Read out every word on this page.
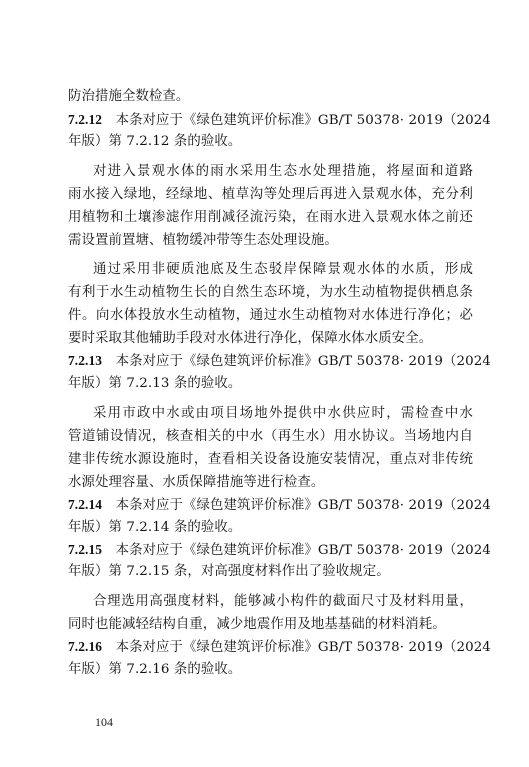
防治措施全数检查。
7.2.12  本条对应于《绿色建筑评价标准》GB/T 50378· 2019（2024
年版）第 7.2.12 条的验收。
对进入景观水体的雨水采用生态水处理措施，将屋面和道路
雨水接入绿地，经绿地、植草沟等处理后再进入景观水体，充分利
用植物和土壤渗滤作用削减径流污染，在雨水进入景观水体之前还
需设置前置塘、植物缓冲带等生态处理设施。
通过采用非硬质池底及生态驳岸保障景观水体的水质，形成
有利于水生动植物生长的自然生态环境，为水生动植物提供栖息条
件。向水体投放水生动植物，通过水生动植物对水体进行净化；必
要时采取其他辅助手段对水体进行净化，保障水体水质安全。
7.2.13  本条对应于《绿色建筑评价标准》GB/T 50378· 2019（2024
年版）第 7.2.13 条的验收。
采用市政中水或由项目场地外提供中水供应时，需检查中水
管道铺设情况，核查相关的中水（再生水）用水协议。当场地内自
建非传统水源设施时，查看相关设备设施安装情况，重点对非传统
水源处理容量、水质保障措施等进行检查。
7.2.14  本条对应于《绿色建筑评价标准》GB/T 50378· 2019（2024
年版）第 7.2.14 条的验收。
7.2.15  本条对应于《绿色建筑评价标准》GB/T 50378· 2019（2024
年版）第 7.2.15 条，对高强度材料作出了验收规定。
合理选用高强度材料，能够减小构件的截面尺寸及材料用量，
同时也能减轻结构自重，减少地震作用及地基基础的材料消耗。
7.2.16  本条对应于《绿色建筑评价标准》GB/T 50378· 2019（2024
年版）第 7.2.16 条的验收。
104
